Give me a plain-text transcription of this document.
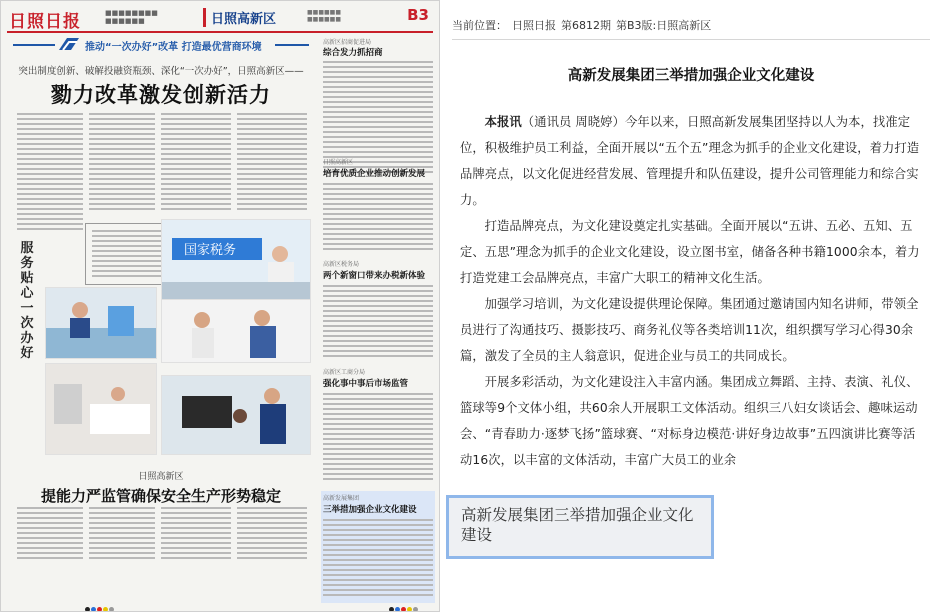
日照日报	■■■■■■■■
■■■■■■	日照高新区	■■■■■■
■■■■■■	B3
推动“一次办好”改革 打造最优营商环境
突出制度创新、破解投融资瓶颈、深化“一次办好”，日照高新区——
勠力改革激发创新活力
服务贴心 一次办好
国家税务
日照高新区
提能力严监管确保安全生产形势稳定
高新区招商促进局
综合发力抓招商
日照高新区
培育优质企业推动创新发展
高新区税务局
两个新窗口带来办税新体验
高新区工商分局
强化事中事后市场监管
高新发展集团
三举措加强企业文化建设
当前位置： 日照日报 第6812期 第B3版:日照高新区
高新发展集团三举措加强企业文化建设

本报讯（通讯员 周晓婷）今年以来，日照高新发展集团坚持以人为本，找准定位，积极维护员工利益，全面开展以“五个五”理念为抓手的企业文化建设，着力打造品牌亮点，以文化促进经营发展、管理提升和队伍建设，提升公司管理能力和综合实力。

打造品牌亮点，为文化建设奠定扎实基础。全面开展以“五讲、五必、五知、五定、五思”理念为抓手的企业文化建设，设立图书室，储备各种书籍1000余本，着力打造党建工会品牌亮点，丰富广大职工的精神文化生活。

加强学习培训，为文化建设提供理论保障。集团通过邀请国内知名讲师，带领全员进行了沟通技巧、摄影技巧、商务礼仪等各类培训11次，组织撰写学习心得30余篇，激发了全员的主人翁意识，促进企业与员工的共同成长。

开展多彩活动，为文化建设注入丰富内涵。集团成立舞蹈、主持、表演、礼仪、篮球等9个文体小组，共60余人开展职工文体活动。组织三八妇女谈话会、趣味运动会、“青春助力·逐梦飞扬”篮球赛、“对标身边模范·讲好身边故事”五四演讲比赛等活动16次，以丰富的文体活动，丰富广大员工的业余

高新发展集团三举措加强企业文化建设
